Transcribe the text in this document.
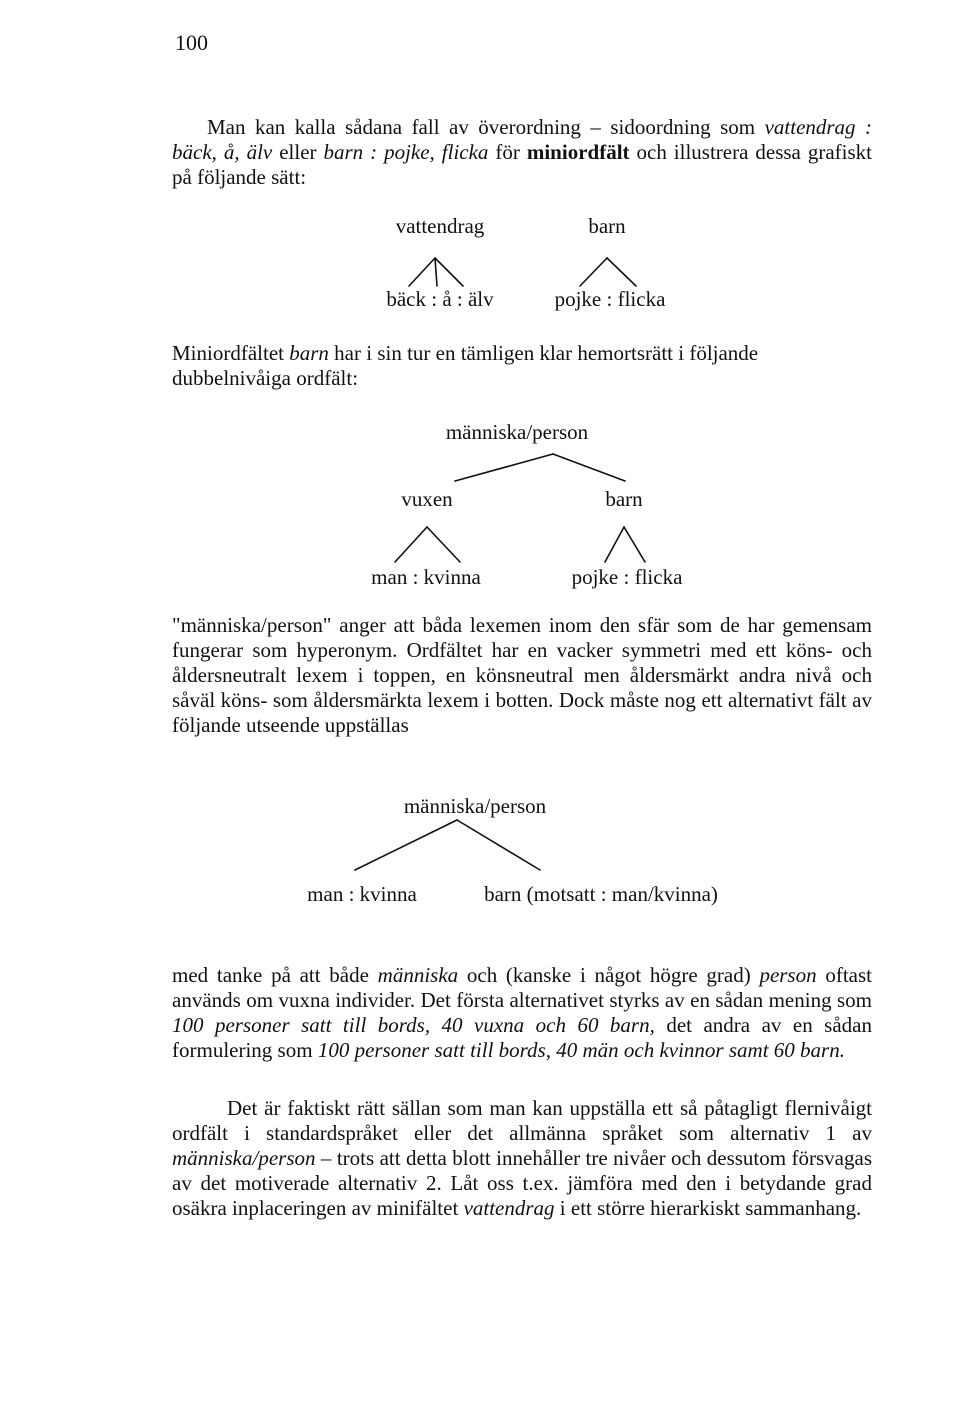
100
Man kan kalla sådana fall av överordning – sidoordning som vattendrag : bäck, å, älv eller barn : pojke, flicka för miniordfält och illustrera dessa grafiskt på följande sätt:
vattendrag
bäck : å : älv
barn
pojke : flicka
Miniordfältet barn har i sin tur en tämligen klar hemortsrätt i följande dubbelnivåiga ordfält:
människa/person
vuxen	barn
man : kvinna	pojke : flicka
"människa/person" anger att båda lexemen inom den sfär som de har gemensam fungerar som hyperonym. Ordfältet har en vacker symmetri med ett köns- och åldersneutralt lexem i toppen, en könsneutral men åldersmärkt andra nivå och såväl köns- som åldersmärkta lexem i botten. Dock måste nog ett alternativt fält av följande utseende uppställas
människa/person
man : kvinna	barn (motsatt : man/kvinna)
med tanke på att både människa och (kanske i något högre grad) person oftast används om vuxna individer. Det första alternativet styrks av en sådan mening som 100 personer satt till bords, 40 vuxna och 60 barn, det andra av en sådan formulering som 100 personer satt till bords, 40 män och kvinnor samt 60 barn.
Det är faktiskt rätt sällan som man kan uppställa ett så påtagligt flernivåigt ordfält i standardspråket eller det allmänna språket som alternativ 1 av människa/person – trots att detta blott innehåller tre nivåer och dessutom försvagas av det motiverade alternativ 2. Låt oss t.ex. jämföra med den i betydande grad osäkra inplaceringen av minifältet vattendrag i ett större hierarkiskt sammanhang.
